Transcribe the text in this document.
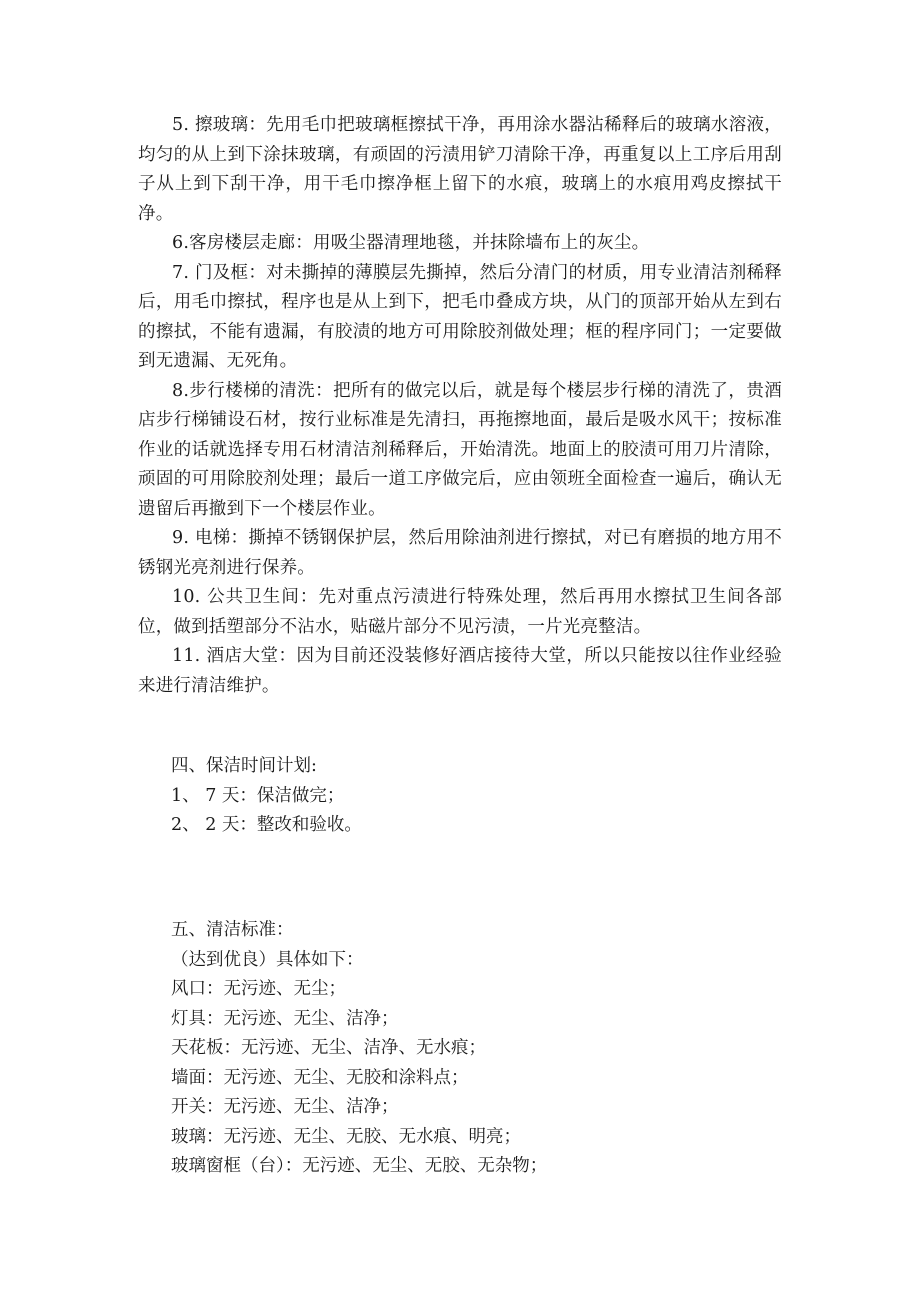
5. 擦玻璃：先用毛巾把玻璃框擦拭干净，再用涂水器沾稀释后的玻璃水溶液，均匀的从上到下涂抹玻璃，有顽固的污渍用铲刀清除干净，再重复以上工序后用刮子从上到下刮干净，用干毛巾擦净框上留下的水痕，玻璃上的水痕用鸡皮擦拭干净。

6.客房楼层走廊：用吸尘器清理地毯，并抹除墙布上的灰尘。

7. 门及框：对未撕掉的薄膜层先撕掉，然后分清门的材质，用专业清洁剂稀释后，用毛巾擦拭，程序也是从上到下，把毛巾叠成方块，从门的顶部开始从左到右的擦拭，不能有遗漏，有胶渍的地方可用除胶剂做处理；框的程序同门；一定要做到无遗漏、无死角。

8.步行楼梯的清洗：把所有的做完以后，就是每个楼层步行梯的清洗了，贵酒店步行梯铺设石材，按行业标准是先清扫，再拖擦地面，最后是吸水风干；按标准作业的话就选择专用石材清洁剂稀释后，开始清洗。地面上的胶渍可用刀片清除，顽固的可用除胶剂处理；最后一道工序做完后，应由领班全面检查一遍后，确认无遗留后再撤到下一个楼层作业。

9. 电梯：撕掉不锈钢保护层，然后用除油剂进行擦拭，对已有磨损的地方用不锈钢光亮剂进行保养。

10. 公共卫生间：先对重点污渍进行特殊处理，然后再用水擦拭卫生间各部位，做到括塑部分不沾水，贴磁片部分不见污渍，一片光亮整洁。

11. 酒店大堂：因为目前还没装修好酒店接待大堂，所以只能按以往作业经验来进行清洁维护。

四、保洁时间计划:

1、 7 天：保洁做完；

2、 2 天：整改和验收。

五、清洁标准：

（达到优良）具体如下：

风口：无污迹、无尘；

灯具：无污迹、无尘、洁净；

天花板：无污迹、无尘、洁净、无水痕；

墙面：无污迹、无尘、无胶和涂料点；

开关：无污迹、无尘、洁净；

玻璃：无污迹、无尘、无胶、无水痕、明亮；

玻璃窗框（台）：无污迹、无尘、无胶、无杂物；
